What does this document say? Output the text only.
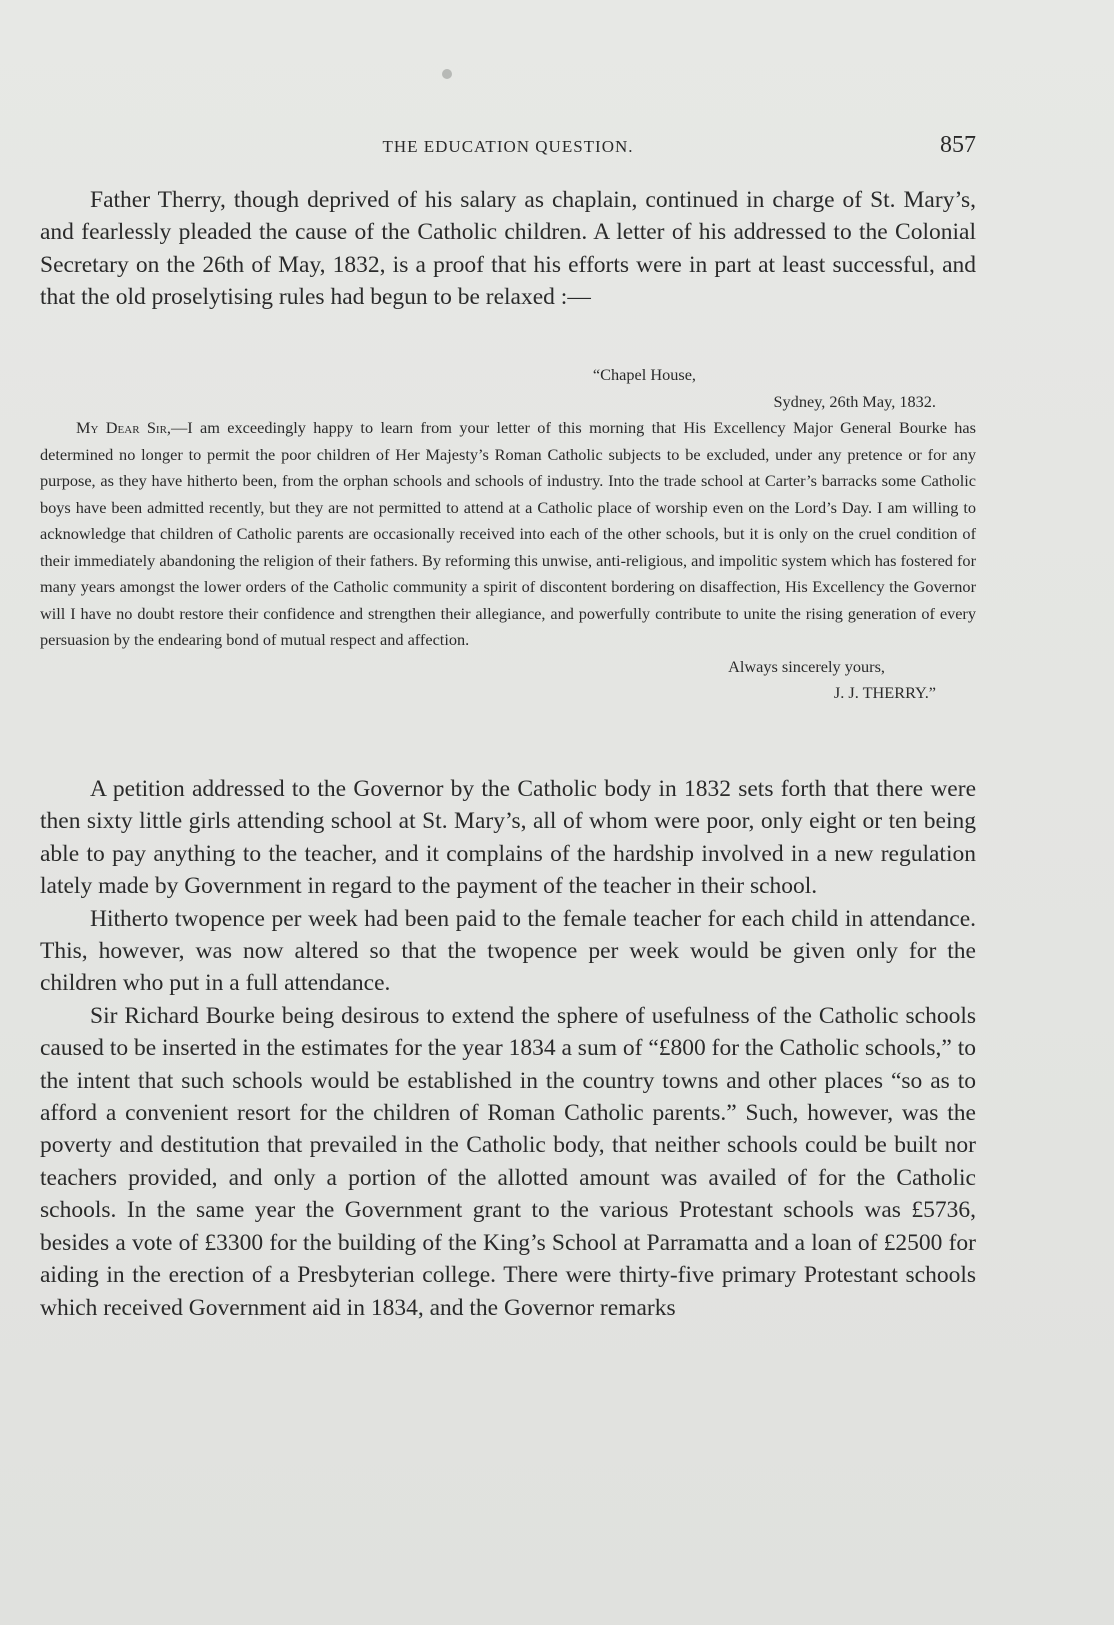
THE EDUCATION QUESTION.	857

Father Therry, though deprived of his salary as chaplain, continued in charge of St. Mary’s, and fearlessly pleaded the cause of the Catholic children. A letter of his addressed to the Colonial Secretary on the 26th of May, 1832, is a proof that his efforts were in part at least successful, and that the old proselytising rules had begun to be relaxed :—

“Chapel House,
Sydney, 26th May, 1832.

My Dear Sir,—I am exceedingly happy to learn from your letter of this morning that His Excellency Major General Bourke has determined no longer to permit the poor children of Her Majesty’s Roman Catholic subjects to be excluded, under any pretence or for any purpose, as they have hitherto been, from the orphan schools and schools of industry. Into the trade school at Carter’s barracks some Catholic boys have been admitted recently, but they are not permitted to attend at a Catholic place of worship even on the Lord’s Day. I am willing to acknowledge that children of Catholic parents are occasionally received into each of the other schools, but it is only on the cruel condition of their immediately abandoning the religion of their fathers. By reforming this unwise, anti-religious, and impolitic system which has fostered for many years amongst the lower orders of the Catholic community a spirit of discontent bordering on disaffection, His Excellency the Governor will I have no doubt restore their confidence and strengthen their allegiance, and powerfully contribute to unite the rising generation of every persuasion by the endearing bond of mutual respect and affection.

Always sincerely yours,
J. J. THERRY.”

A petition addressed to the Governor by the Catholic body in 1832 sets forth that there were then sixty little girls attending school at St. Mary’s, all of whom were poor, only eight or ten being able to pay anything to the teacher, and it complains of the hardship involved in a new regulation lately made by Government in regard to the payment of the teacher in their school.

Hitherto twopence per week had been paid to the female teacher for each child in attendance. This, however, was now altered so that the twopence per week would be given only for the children who put in a full attendance.

Sir Richard Bourke being desirous to extend the sphere of usefulness of the Catholic schools caused to be inserted in the estimates for the year 1834 a sum of “£800 for the Catholic schools,” to the intent that such schools would be established in the country towns and other places “so as to afford a convenient resort for the children of Roman Catholic parents.” Such, however, was the poverty and destitution that prevailed in the Catholic body, that neither schools could be built nor teachers provided, and only a portion of the allotted amount was availed of for the Catholic schools. In the same year the Government grant to the various Protestant schools was £5736, besides a vote of £3300 for the building of the King’s School at Parramatta and a loan of £2500 for aiding in the erection of a Presbyterian college. There were thirty-five primary Protestant schools which received Government aid in 1834, and the Governor remarks
